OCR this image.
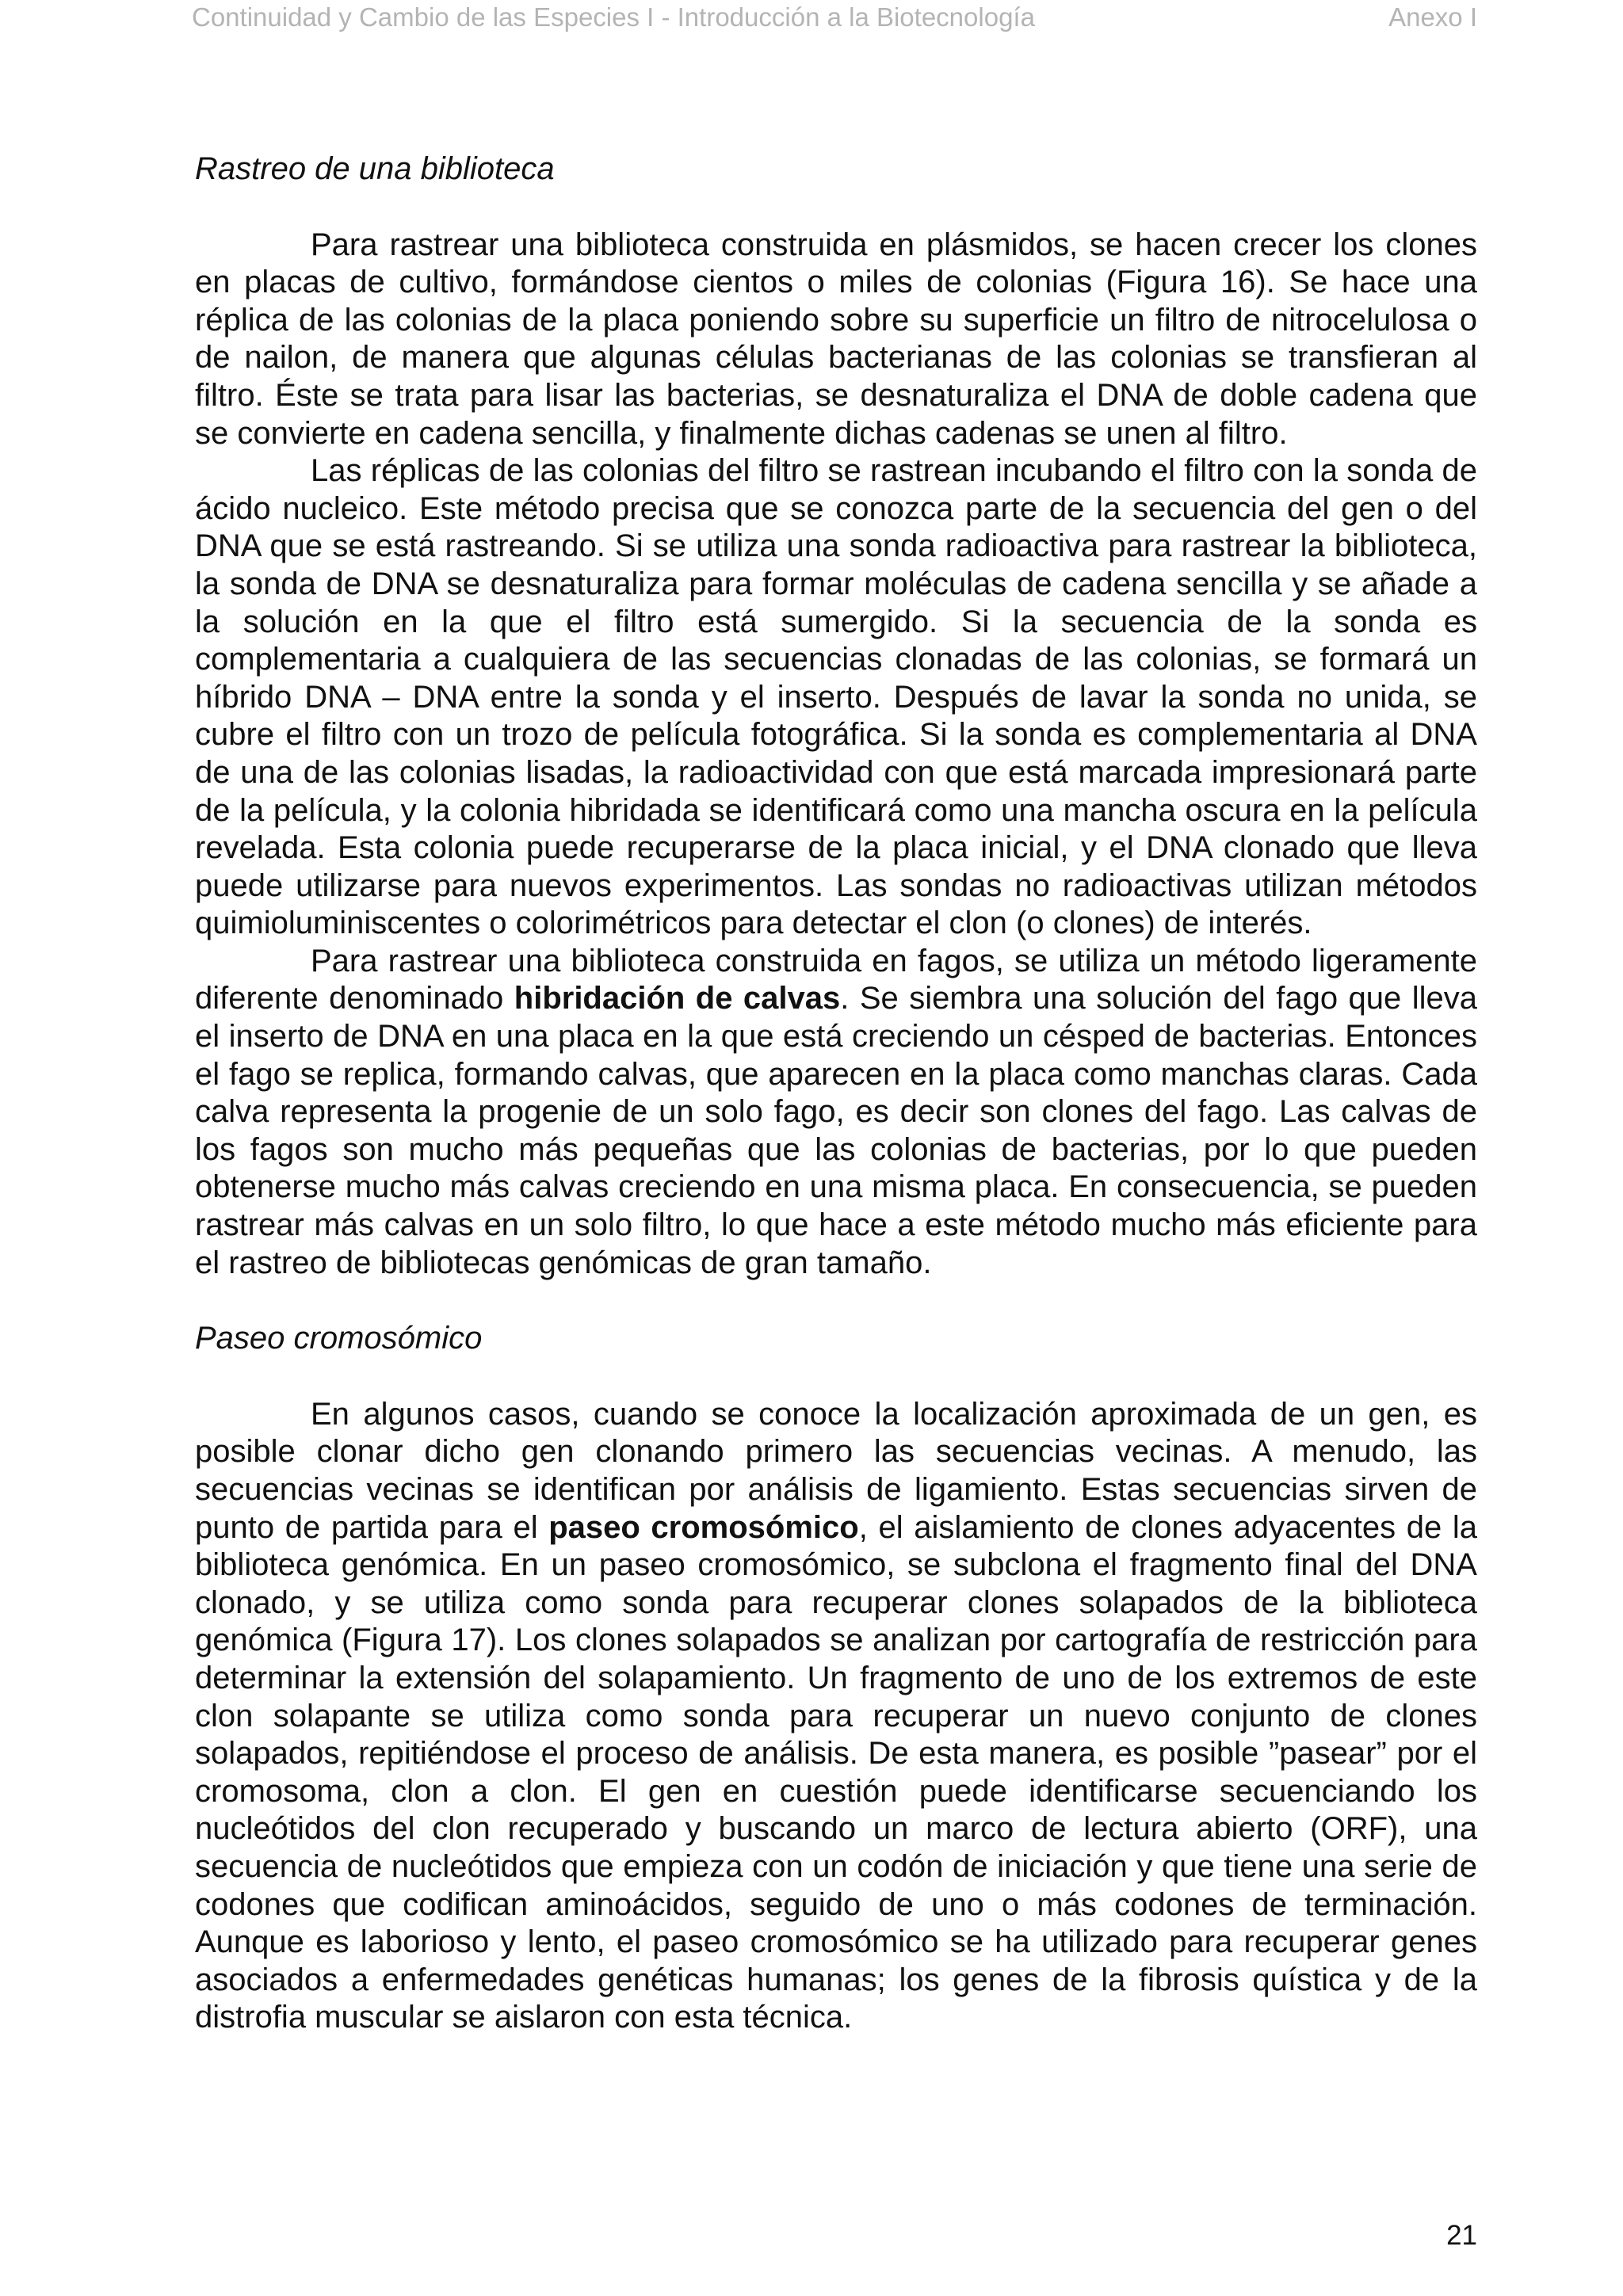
Continuidad y Cambio de las Especies I - Introducción a la Biotecnología	Anexo I
Rastreo de una biblioteca

Para rastrear una biblioteca construida en plásmidos, se hacen crecer los clones en placas de cultivo, formándose cientos o miles de colonias (Figura 16). Se hace una réplica de las colonias de la placa poniendo sobre su superficie un filtro de nitrocelulosa o de nailon, de manera que algunas células bacterianas de las colonias se transfieran al filtro. Éste se trata para lisar las bacterias, se desnaturaliza el DNA de doble cadena que se convierte en cadena sencilla, y finalmente dichas cadenas se unen al filtro.

Las réplicas de las colonias del filtro se rastrean incubando el filtro con la sonda de ácido nucleico. Este método precisa que se conozca parte de la secuencia del gen o del DNA que se está rastreando. Si se utiliza una sonda radioactiva para rastrear la biblioteca, la sonda de DNA se desnaturaliza para formar moléculas de cadena sencilla y se añade a la solución en la que el filtro está sumergido. Si la secuencia de la sonda es complementaria a cualquiera de las secuencias clonadas de las colonias, se formará un híbrido DNA – DNA entre la sonda y el inserto. Después de lavar la sonda no unida, se cubre el filtro con un trozo de película fotográfica. Si la sonda es complementaria al DNA de una de las colonias lisadas, la radioactividad con que está marcada impresionará parte de la película, y la colonia hibridada se identificará como una mancha oscura en la película revelada. Esta colonia puede recuperarse de la placa inicial, y el DNA clonado que lleva puede utilizarse para nuevos experimentos. Las sondas no radioactivas utilizan métodos quimioluminiscentes o colorimétricos para detectar el clon (o clones) de interés.

Para rastrear una biblioteca construida en fagos, se utiliza un método ligeramente diferente denominado hibridación de calvas. Se siembra una solución del fago que lleva el inserto de DNA en una placa en la que está creciendo un césped de bacterias. Entonces el fago se replica, formando calvas, que aparecen en la placa como manchas claras. Cada calva representa la progenie de un solo fago, es decir son clones del fago. Las calvas de los fagos son mucho más pequeñas que las colonias de bacterias, por lo que pueden obtenerse mucho más calvas creciendo en una misma placa. En consecuencia, se pueden rastrear más calvas en un solo filtro, lo que hace a este método mucho más eficiente para el rastreo de bibliotecas genómicas de gran tamaño.

Paseo cromosómico

En algunos casos, cuando se conoce la localización aproximada de un gen, es posible clonar dicho gen clonando primero las secuencias vecinas. A menudo, las secuencias vecinas se identifican por análisis de ligamiento. Estas secuencias sirven de punto de partida para el paseo cromosómico, el aislamiento de clones adyacentes de la biblioteca genómica. En un paseo cromosómico, se subclona el fragmento final del DNA clonado, y se utiliza como sonda para recuperar clones solapados de la biblioteca genómica (Figura 17). Los clones solapados se analizan por cartografía de restricción para determinar la extensión del solapamiento. Un fragmento de uno de los extremos de este clon solapante se utiliza como sonda para recuperar un nuevo conjunto de clones solapados, repitiéndose el proceso de análisis. De esta manera, es posible ”pasear” por el cromosoma, clon a clon. El gen en cuestión puede identificarse secuenciando los nucleótidos del clon recuperado y buscando un marco de lectura abierto (ORF), una secuencia de nucleótidos que empieza con un codón de iniciación y que tiene una serie de codones que codifican aminoácidos, seguido de uno o más codones de terminación. Aunque es laborioso y lento, el paseo cromosómico se ha utilizado para recuperar genes asociados a enfermedades genéticas humanas; los genes de la fibrosis quística y de la distrofia muscular se aislaron con esta técnica.

21
